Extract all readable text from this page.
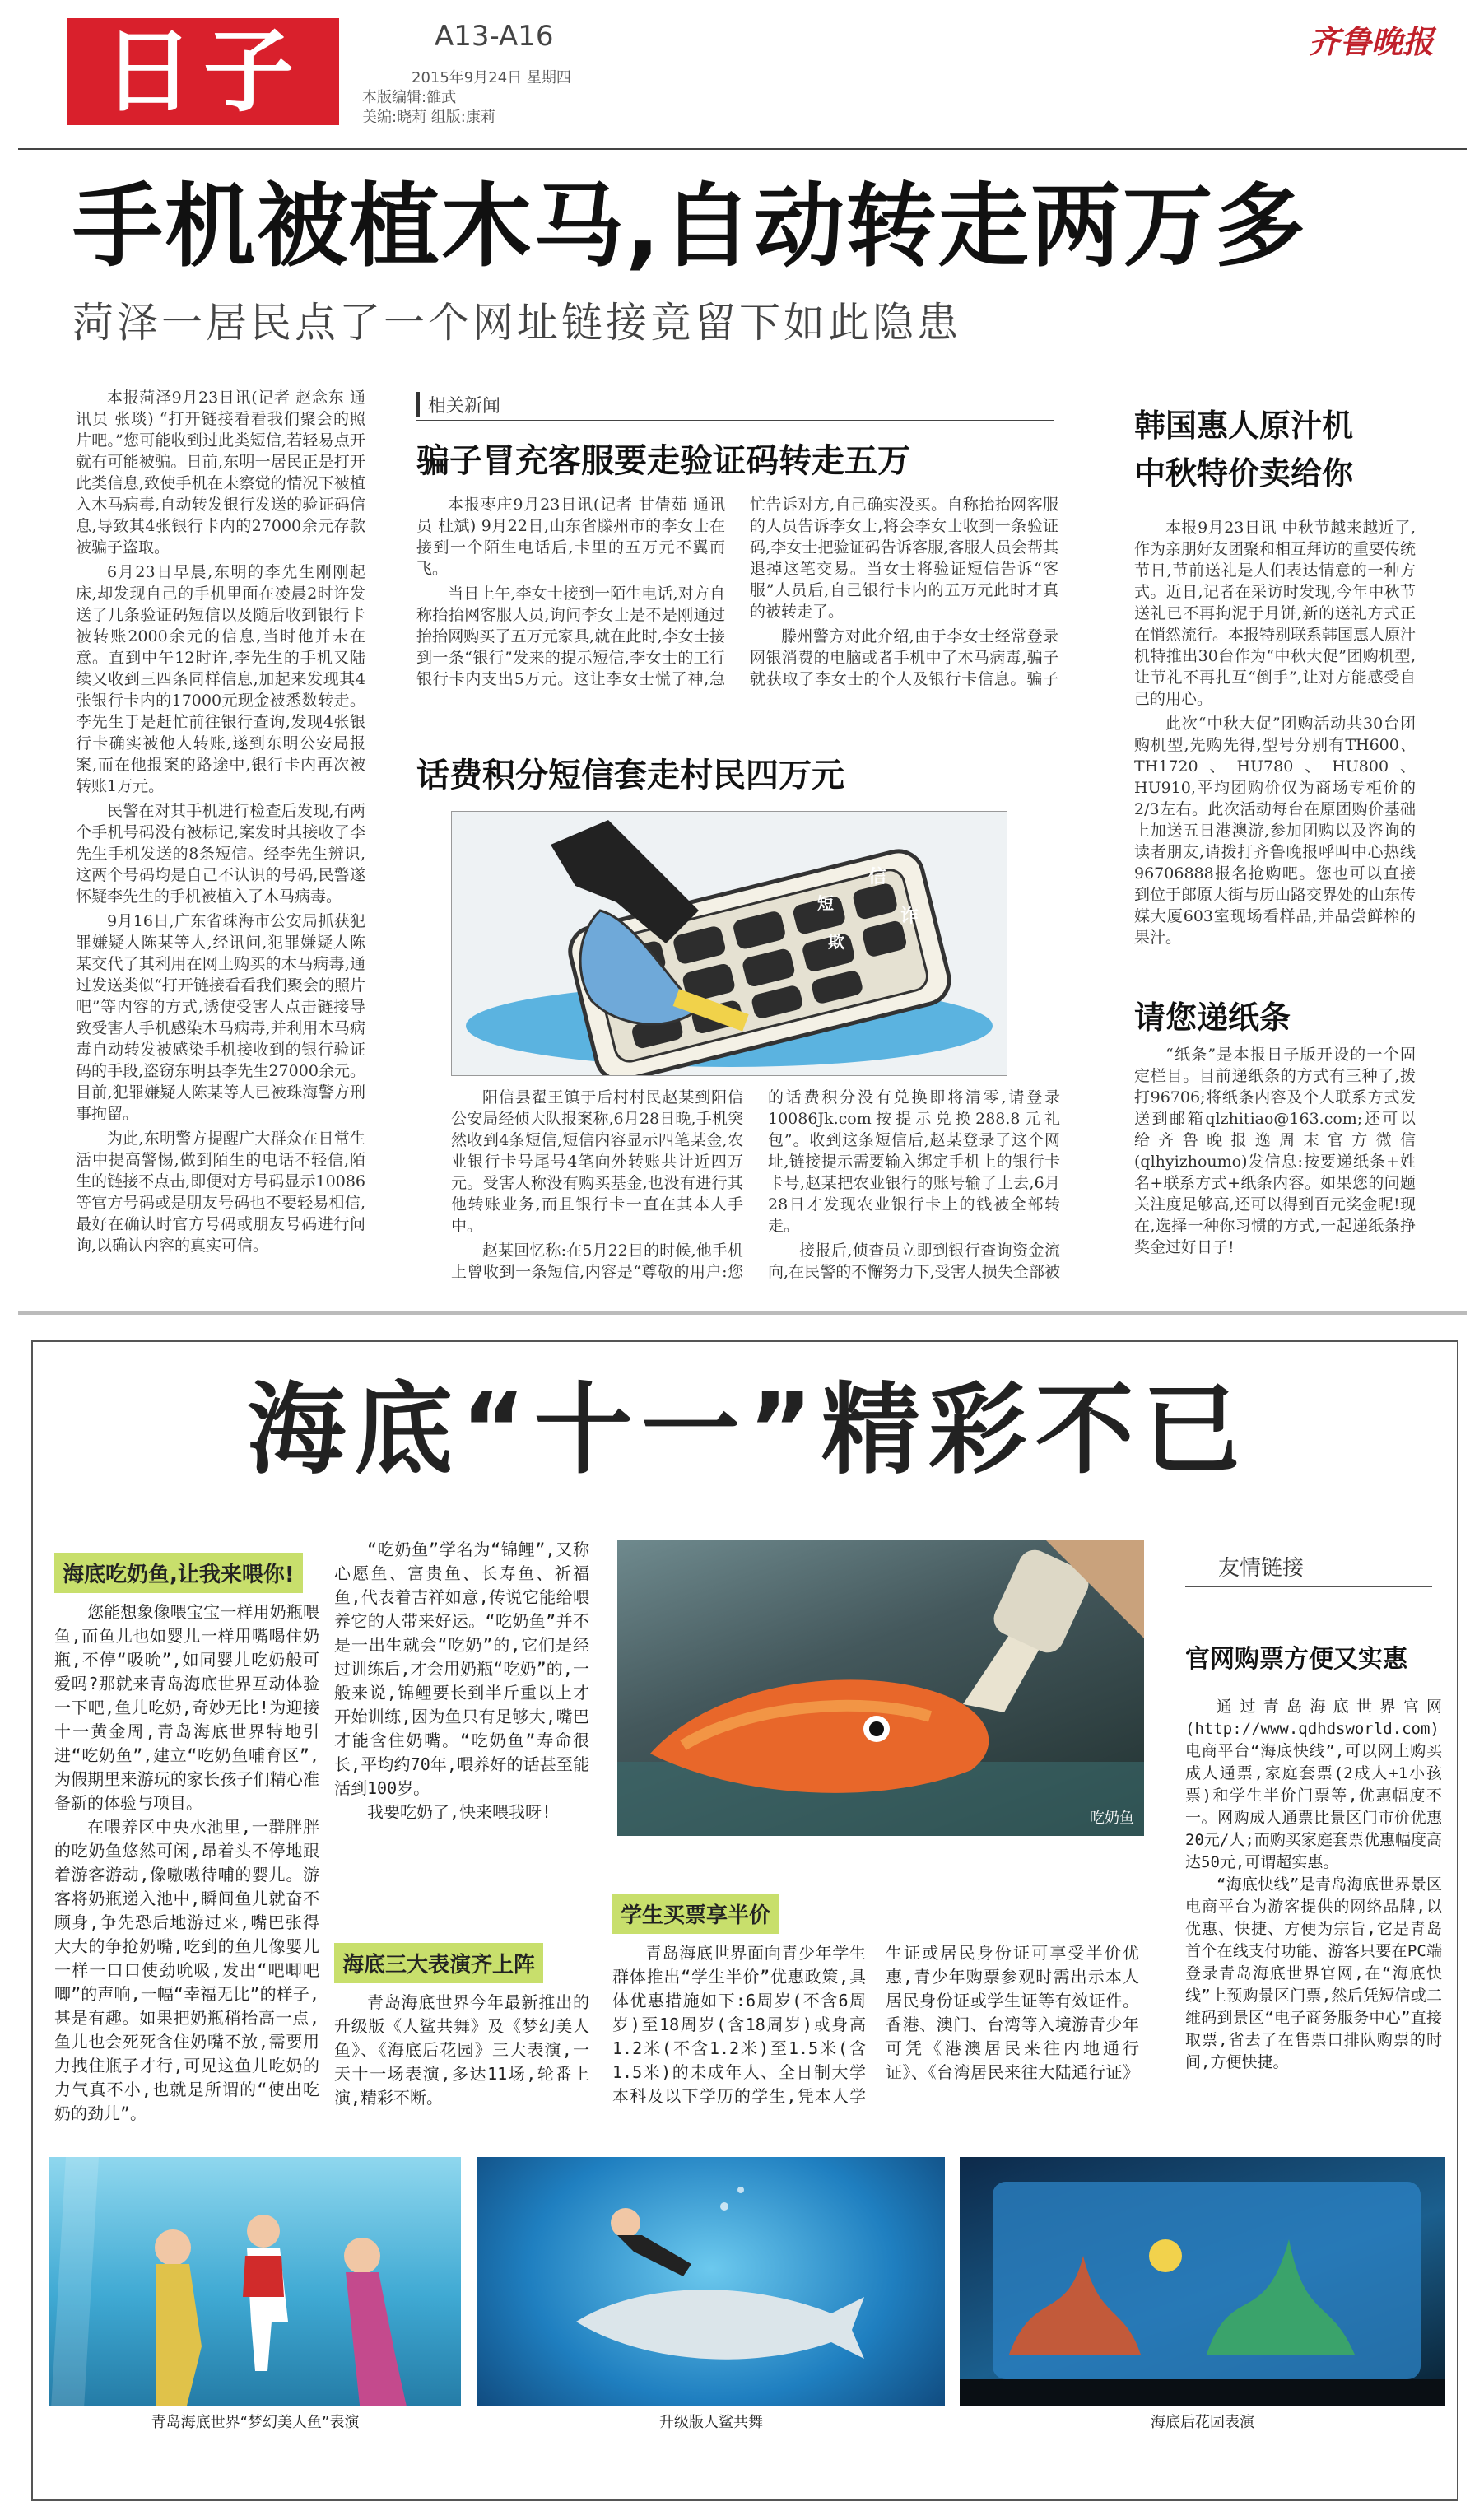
日子	A13-A16
2015年9月24日 星期四
本版编辑:雒武
美编:晓莉 组版:康莉
齐鲁晚报
手机被植木马,自动转走两万多
菏泽一居民点了一个网址链接竟留下如此隐患

本报菏泽9月23日讯(记者 赵念东 通讯员 张琰) “打开链接看看我们聚会的照片吧。”您可能收到过此类短信,若轻易点开就有可能被骗。日前,东明一居民正是打开此类信息,致使手机在未察觉的情况下被植入木马病毒,自动转发银行发送的验证码信息,导致其4张银行卡内的27000余元存款被骗子盗取。

6月23日早晨,东明的李先生刚刚起床,却发现自己的手机里面在凌晨2时许发送了几条验证码短信以及随后收到银行卡被转账2000余元的信息,当时他并未在意。直到中午12时许,李先生的手机又陆续又收到三四条同样信息,加起来发现其4张银行卡内的17000元现金被悉数转走。李先生于是赶忙前往银行查询,发现4张银行卡确实被他人转账,遂到东明公安局报案,而在他报案的路途中,银行卡内再次被转账1万元。

民警在对其手机进行检查后发现,有两个手机号码没有被标记,案发时其接收了李先生手机发送的8条短信。经李先生辨识,这两个号码均是自己不认识的号码,民警遂怀疑李先生的手机被植入了木马病毒。

9月16日,广东省珠海市公安局抓获犯罪嫌疑人陈某等人,经讯问,犯罪嫌疑人陈某交代了其利用在网上购买的木马病毒,通过发送类似“打开链接看看我们聚会的照片吧”等内容的方式,诱使受害人点击链接导致受害人手机感染木马病毒,并利用木马病毒自动转发被感染手机接收到的银行验证码的手段,盗窃东明县李先生27000余元。目前,犯罪嫌疑人陈某等人已被珠海警方刑事拘留。

为此,东明警方提醒广大群众在日常生活中提高警惕,做到陌生的电话不轻信,陌生的链接不点击,即便对方号码显示10086等官方号码或是朋友号码也不要轻易相信,最好在确认时官方号码或朋友号码进行问询,以确认内容的真实可信。

相关新闻
骗子冒充客服要走验证码转走五万

本报枣庄9月23日讯(记者 甘倩茹 通讯员 杜斌) 9月22日,山东省滕州市的李女士在接到一个陌生电话后,卡里的五万元不翼而飞。

当日上午,李女士接到一陌生电话,对方自称抬抬网客服人员,询问李女士是不是刚通过抬抬网购买了五万元家具,就在此时,李女士接到一条“银行”发来的提示短信,李女士的工行银行卡内支出5万元。这让李女士慌了神,急忙告诉对方,自己确实没买。自称抬抬网客服的人员告诉李女士,将会李女士收到一条验证码,李女士把验证码告诉客服,客服人员会帮其退掉这笔交易。当女士将验证短信告诉“客服”人员后,自己银行卡内的五万元此时才真的被转走了。

滕州警方对此介绍,由于李女士经常登录网银消费的电脑或者手机中了木马病毒,骗子就获取了李女士的个人及银行卡信息。骗子

话费积分短信套走村民四万元
信
短
欺
诈

阳信县翟王镇于后村村民赵某到阳信公安局经侦大队报案称,6月28日晚,手机突然收到4条短信,短信内容显示四笔某金,农业银行卡号尾号4笔向外转账共计近四万元。受害人称没有购买基金,也没有进行其他转账业务,而且银行卡一直在其本人手中。

赵某回忆称:在5月22日的时候,他手机上曾收到一条短信,内容是“尊敬的用户:您的话费积分没有兑换即将清零,请登录10086Jk.com按提示兑换288.8元礼包”。收到这条短信后,赵某登录了这个网址,链接提示需要输入绑定手机上的银行卡卡号,赵某把农业银行的账号输了上去,6月28日才发现农业银行卡上的钱被全部转走。

接报后,侦查员立即到银行查询资金流向,在民警的不懈努力下,受害人损失全部被

韩国惠人原汁机
中秋特价卖给你

本报9月23日讯 中秋节越来越近了,作为亲朋好友团聚和相互拜访的重要传统节日,节前送礼是人们表达情意的一种方式。近日,记者在采访时发现,今年中秋节送礼已不再拘泥于月饼,新的送礼方式正在悄然流行。本报特别联系韩国惠人原汁机特推出30台作为“中秋大促”团购机型,让节礼不再扎互“倒手”,让对方能感受自己的用心。

此次“中秋大促”团购活动共30台团购机型,先购先得,型号分别有TH600、TH1720、HU780、HU800、HU910,平均团购价仅为商场专柜价的2/3左右。此次活动每台在原团购价基础上加送五日港澳游,参加团购以及咨询的读者朋友,请拨打齐鲁晚报呼叫中心热线96706888报名抢购吧。您也可以直接到位于郎原大街与历山路交界处的山东传媒大厦603室现场看样品,并品尝鲜榨的果汁。

请您递纸条

“纸条”是本报日子版开设的一个固定栏目。目前递纸条的方式有三种了,拨打96706;将纸条内容及个人联系方式发送到邮箱qlzhitiao@163.com;还可以给齐鲁晚报逸周末官方微信(qlhyizhoumo)发信息:按要递纸条+姓名+联系方式+纸条内容。如果您的问题关注度足够高,还可以得到百元奖金呢!现在,选择一种你习惯的方式,一起递纸条挣奖金过好日子!

海底“十一”精彩不已
海底吃奶鱼,让我来喂你!

您能想象像喂宝宝一样用奶瓶喂鱼,而鱼儿也如婴儿一样用嘴喝住奶瓶,不停“吸吮”,如同婴儿吃奶般可爱吗?那就来青岛海底世界互动体验一下吧,鱼儿吃奶,奇妙无比!为迎接十一黄金周,青岛海底世界特地引进“吃奶鱼”,建立“吃奶鱼哺育区”,为假期里来游玩的家长孩子们精心准备新的体验与项目。

在喂养区中央水池里,一群胖胖的吃奶鱼悠然可闲,昂着头不停地跟着游客游动,像嗷嗷待哺的婴儿。游客将奶瓶递入池中,瞬间鱼儿就奋不顾身,争先恐后地游过来,嘴巴张得大大的争抢奶嘴,吃到的鱼儿像婴儿一样一口口使劲吮吸,发出“吧唧吧唧”的声响,一幅“幸福无比”的样子,甚是有趣。如果把奶瓶稍抬高一点,鱼儿也会死死含住奶嘴不放,需要用力拽住瓶子才行,可见这鱼儿吃奶的力气真不小,也就是所谓的“使出吃奶的劲儿”。

“吃奶鱼”学名为“锦鲤”,又称心愿鱼、富贵鱼、长寿鱼、祈福鱼,代表着吉祥如意,传说它能给喂养它的人带来好运。“吃奶鱼”并不是一出生就会“吃奶”的,它们是经过训练后,才会用奶瓶“吃奶”的,一般来说,锦鲤要长到半斤重以上才开始训练,因为鱼只有足够大,嘴巴才能含住奶嘴。“吃奶鱼”寿命很长,平均约70年,喂养好的话甚至能活到100岁。

我要吃奶了,快来喂我呀!

海底三大表演齐上阵

青岛海底世界今年最新推出的升级版《人鲨共舞》及《梦幻美人鱼》、《海底后花园》三大表演,一天十一场表演,多达11场,轮番上演,精彩不断。

吃奶鱼
学生买票享半价

青岛海底世界面向青少年学生群体推出“学生半价”优惠政策,具体优惠措施如下:6周岁(不含6周岁)至18周岁(含18周岁)或身高1.2米(不含1.2米)至1.5米(含1.5米)的未成年人、全日制大学本科及以下学历的学生,凭本人学生证或居民身份证可享受半价优惠,青少年购票参观时需出示本人居民身份证或学生证等有效证件。香港、澳门、台湾等入境游青少年可凭《港澳居民来往内地通行证》、《台湾居民来往大陆通行证》

友情链接
官网购票方便又实惠

通过青岛海底世界官网(http://www.qdhdsworld.com)电商平台“海底快线”,可以网上购买成人通票,家庭套票(2成人+1小孩票)和学生半价门票等,优惠幅度不一。网购成人通票比景区门市价优惠20元/人;而购买家庭套票优惠幅度高达50元,可谓超实惠。

“海底快线”是青岛海底世界景区电商平台为游客提供的网络品牌,以优惠、快捷、方便为宗旨,它是青岛首个在线支付功能、游客只要在PC端登录青岛海底世界官网,在“海底快线”上预购景区门票,然后凭短信或二维码到景区“电子商务服务中心”直接取票,省去了在售票口排队购票的时间,方便快捷。

青岛海底世界“梦幻美人鱼”表演	升级版人鲨共舞	海底后花园表演
